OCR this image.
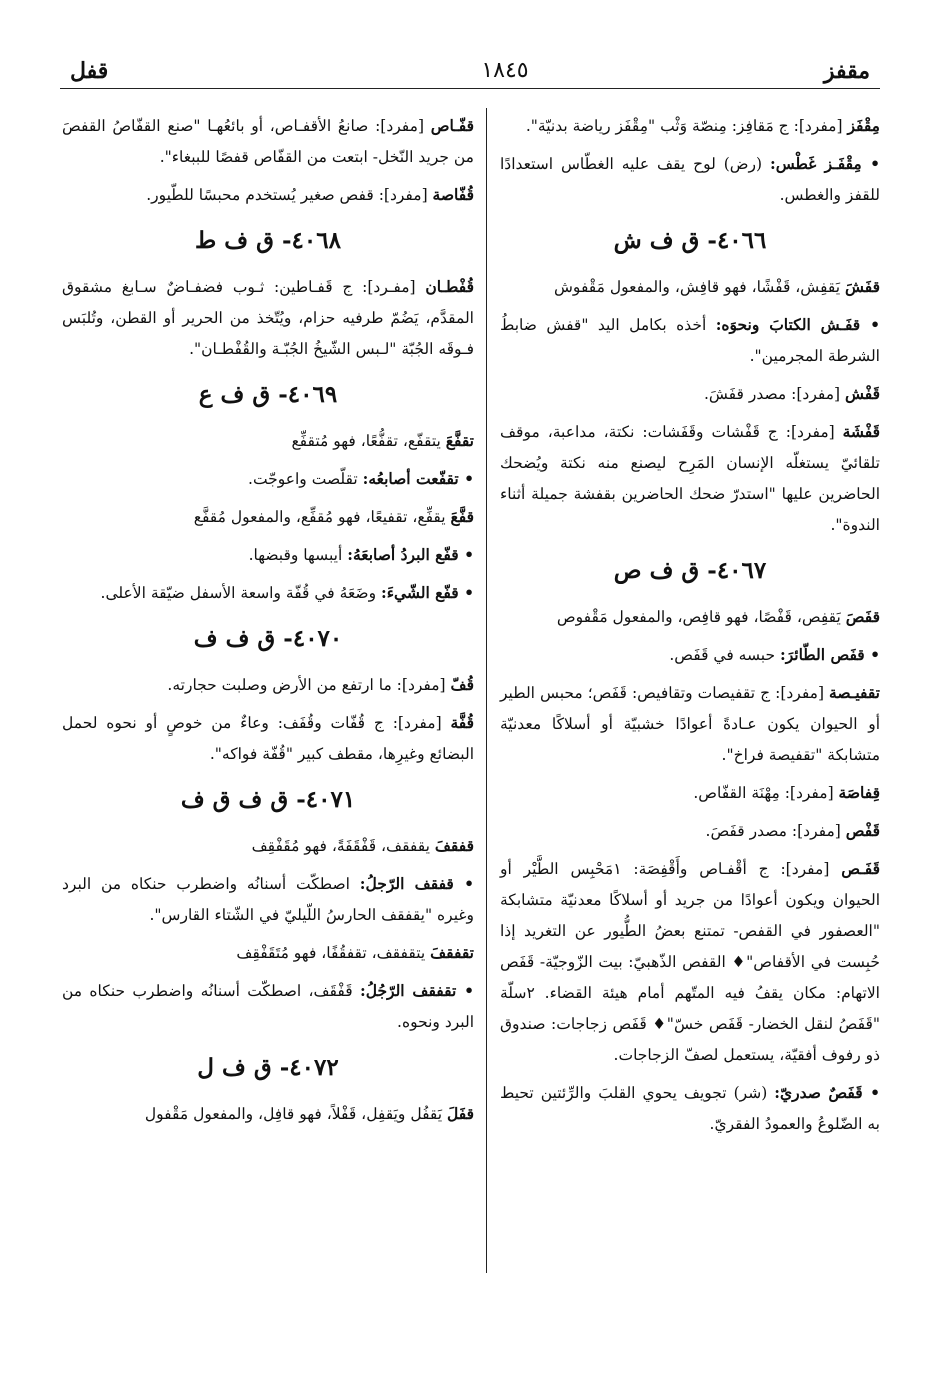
قفل	١٨٤٥	مقفز
مِقْفَز [مفرد]: ج مَقافِز: مِنصّة وَثْب "مِقْفَز رياضة بدنيّة".
• مِقْفَـز غَطْس: (رض) لوح يقف عليه الغطّاس استعدادًا للقفز والغطس.
٤٠٦٦- ق ف ش
قفَشَ يَقفِش، قَفْشًا، فهو قافِش، والمفعول مَقْفوش
• قفَـش الكتابَ ونحوَه: أخذه بكامل اليد "قفش ضابطُ الشرطة المجرمين".
قَفْش [مفرد]: مصدر قفَشَ.
قَفْشَة [مفرد]: ج قَفْشات وقَفَشات: نكتة، مداعبة، موقف تلقائيّ يستغلّه الإنسان المَرِح ليصنع منه نكتة ويُضحك الحاضرين عليها "استدرّ ضحك الحاضرين بقفشة جميلة أثناء الندوة".
٤٠٦٧- ق ف ص
قفَصَ يَقفِص، قَفْصًا، فهو قافِص، والمفعول مَقْفوص
• قفَص الطّائرَ: حبسه في قَفَص.
تقفيـصة [مفرد]: ج تقفيصات وتقافيص: قَفَص؛ محبس الطير أو الحيوان يكون عـادةً أعوادًا خشبيّة أو أسلاكًا معدنيّة متشابكة "تقفيصة فراخ".
قِفاصَة [مفرد]: مِهْنَة القفّاص.
قَفْص [مفرد]: مصدر قفَصَ.
قَفَـص [مفرد]: ج أقْفـاص وأَقْفِصَة: ١مَحْبِس الطَّيْر أو الحيوان ويكون أعوادًا من جريد أو أسلاكًا معدنيّة متشابكة "العصفور في القفص- تمتنع بعضُ الطُّيور عن التغريد إذا حُبِست في الأقفاص"♦ القفص الذّهبيّ: بيت الزّوجيّة- قَفَص الاتهام: مكان يقفُ فيه المتّهم أمام هيئة القضاء. ٢سلّة "قَفَصُ لنقل الخضار- قَفَص خسّ"♦ قَفَص زجاجات: صندوق ذو رفوف أفقيّة، يستعمل لصفّ الزجاجات.
• قَفَصٌ صدريّ: (شر) تجويف يحوي القلبَ والرِّئتين تحيط به الضّلوعُ والعمودُ الفقريّ.
قفّـاص [مفرد]: صانعُ الأقفـاص، أو بائعُهـا "صنع القفّاصُ القفصَ من جريد النّخل- ابتعت من القفّاص قفصًا للببغاء".
قُفّاصة [مفرد]: قفص صغير يُستخدم محبسًا للطّيور.
٤٠٦٨- ق ف ط
قُفْطـان [مفـرد]: ج قَفـاطين: ثـوب فضفـاضٌ سـابغ مشقوق المقدَّم، يَضُمّ طرفيه حزام، ويُتّخذ من الحرير أو القطن، وتُلبَس فـوقَه الجُبّة "لـبس الشّيخُ الجُبّـة والقُفْطـان".
٤٠٦٩- ق ف ع
تقفَّعَ يتقفّع، تقفُّعًا، فهو مُتقفِّع
• تقفّعت أصابعُه: تقلّصت واعوجّت.
قفَّعَ يقفِّع، تقفيعًا، فهو مُقفِّع، والمفعول مُقفَّع
• قفّع البردُ أصابعَهُ: أيبسها وقبضها.
• قفّع الشّيءَ: وضَعَهُ في قُفّة واسعة الأسفل ضيّقة الأعلى.
٤٠٧٠- ق ف ف
قُفّ [مفرد]: ما ارتفع من الأرض وصلبت حجارته.
قُفَّة [مفرد]: ج قُفّات وقُفَف: وعاءٌ من خوصٍ أو نحوه لحمل البضائع وغيرِها، مقطف كبير "قُفّة فواكه".
٤٠٧١- ق ف ق ف
قفقفَ يقفقف، قَفْقَفَةً، فهو مُقَفْقِف
• قفقف الرّجلُ: اصطكّت أسنانُه واضطرب حنكاه من البرد وغيره "يقفقف الحارسُ اللّيليّ في الشّتاء القارس".
تقفقفَ يتقفقف، تقفقُفًا، فهو مُتَقَفْقِف
• تقفقف الرّجُلُ: قَفْقَف، اصطكّت أسنانُه واضطرب حنكاه من البرد ونحوه.
٤٠٧٢- ق ف ل
قفَلَ يَقفُل ويَقفِل، قَفْلاً، فهو قافِل، والمفعول مَقْفول
